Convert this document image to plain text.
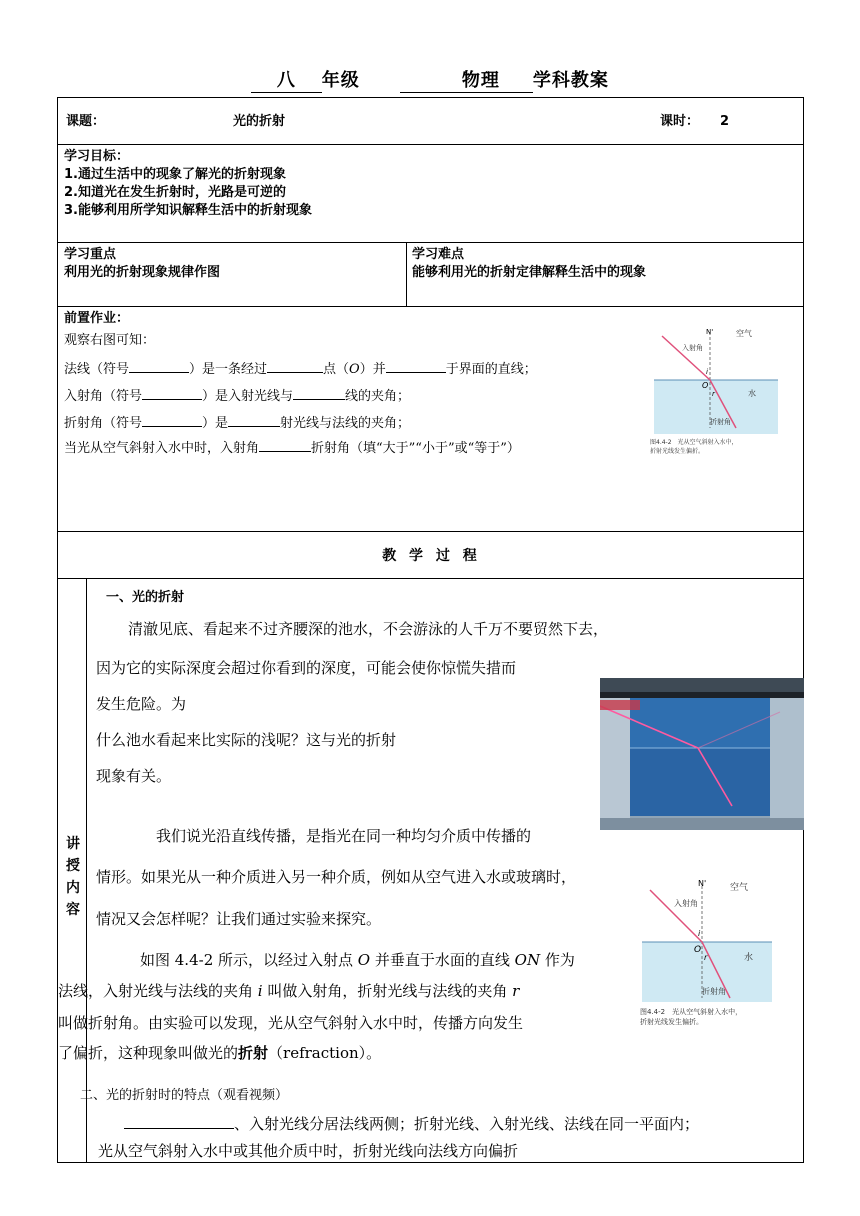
八 年级	物理 学科教案
课题：	光的折射	课时： 2
学习目标：
1.通过生活中的现象了解光的折射现象
2.知道光在发生折射时，光路是可逆的
3.能够利用所学知识解释生活中的折射现象
学习重点
利用光的折射现象规律作图
学习难点
能够利用光的折射定律解释生活中的现象
前置作业：
观察右图可知：
法线（符号	）是一条经过	点（O）并	于界面的直线；
入射角（符号	）是入射光线与	线的夹角；
折射角（符号	）是	射光线与法线的夹角；
当光从空气斜射入水中时，入射角	折射角（填“大于”“小于”或“等于”）
N'	空气
水
O
i
r
入射角
折射角
图4.4-2　光从空气斜射入水中，
折射光线发生偏折。
教 学 过 程
讲授内容
一、光的折射
清澈见底、看起来不过齐腰深的池水，不会游泳的人千万不要贸然下去，
因为它的实际深度会超过你看到的深度，可能会使你惊慌失措而
发生危险。为
什么池水看起来比实际的浅呢？这与光的折射
现象有关。
我们说光沿直线传播，是指光在同一种均匀介质中传播的
情形。如果光从一种介质进入另一种介质，例如从空气进入水或玻璃时，
情况又会怎样呢？让我们通过实验来探究。
如图 4.4-2 所示，以经过入射点 O 并垂直于水面的直线 ON 作为
法线，入射光线与法线的夹角 i 叫做入射角，折射光线与法线的夹角 r
叫做折射角。由实验可以发现，光从空气斜射入水中时，传播方向发生
了偏折，这种现象叫做光的折射（refraction）。
N'	空气
水
O
i
r
入射角
折射角
图4.4-2　光从空气斜射入水中，
折射光线发生偏折。
二、光的折射时的特点（观看视频）
、入射光线分居法线两侧；折射光线、入射光线、法线在同一平面内；
光从空气斜射入水中或其他介质中时，折射光线向法线方向偏折
